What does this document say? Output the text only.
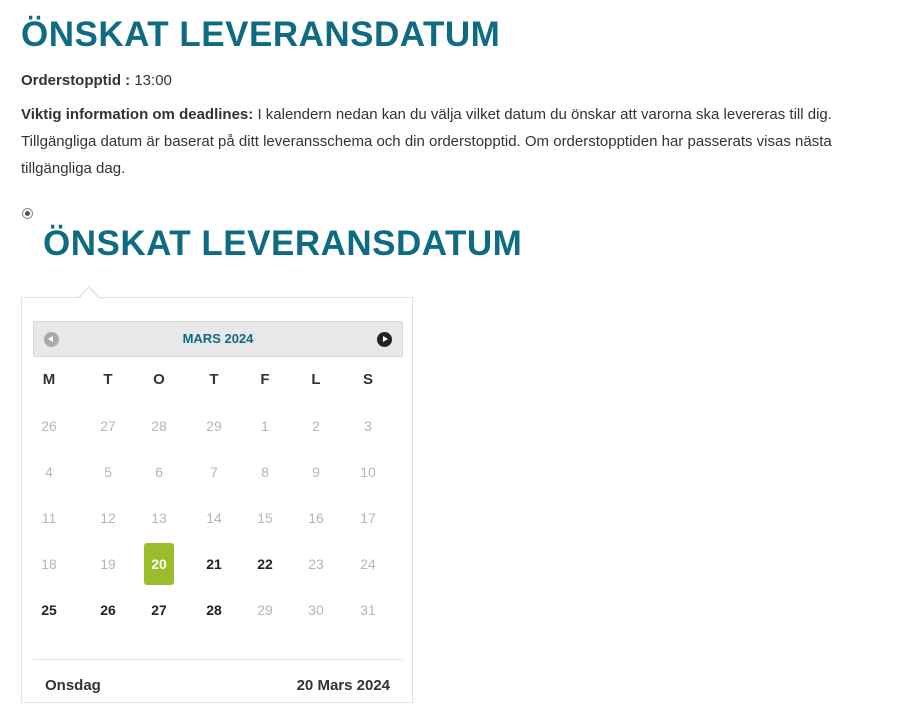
ÖNSKAT LEVERANSDATUM
Orderstopptid : 13:00
Viktig information om deadlines: I kalendern nedan kan du välja vilket datum du önskar att varorna ska levereras till dig. Tillgängliga datum är baserat på ditt leveransschema och din orderstopptid. Om orderstopptiden har passerats visas nästa tillgängliga dag.
ÖNSKAT LEVERANSDATUM
MARS 2024
M	T	O	T	F	L	S
26	27	28	29	1	2	3
4	5	6	7	8	9	10
11	12	13	14	15	16	17
18	19	20	21	22	23	24
25	26	27	28	29	30	31
Onsdag	20 Mars 2024
